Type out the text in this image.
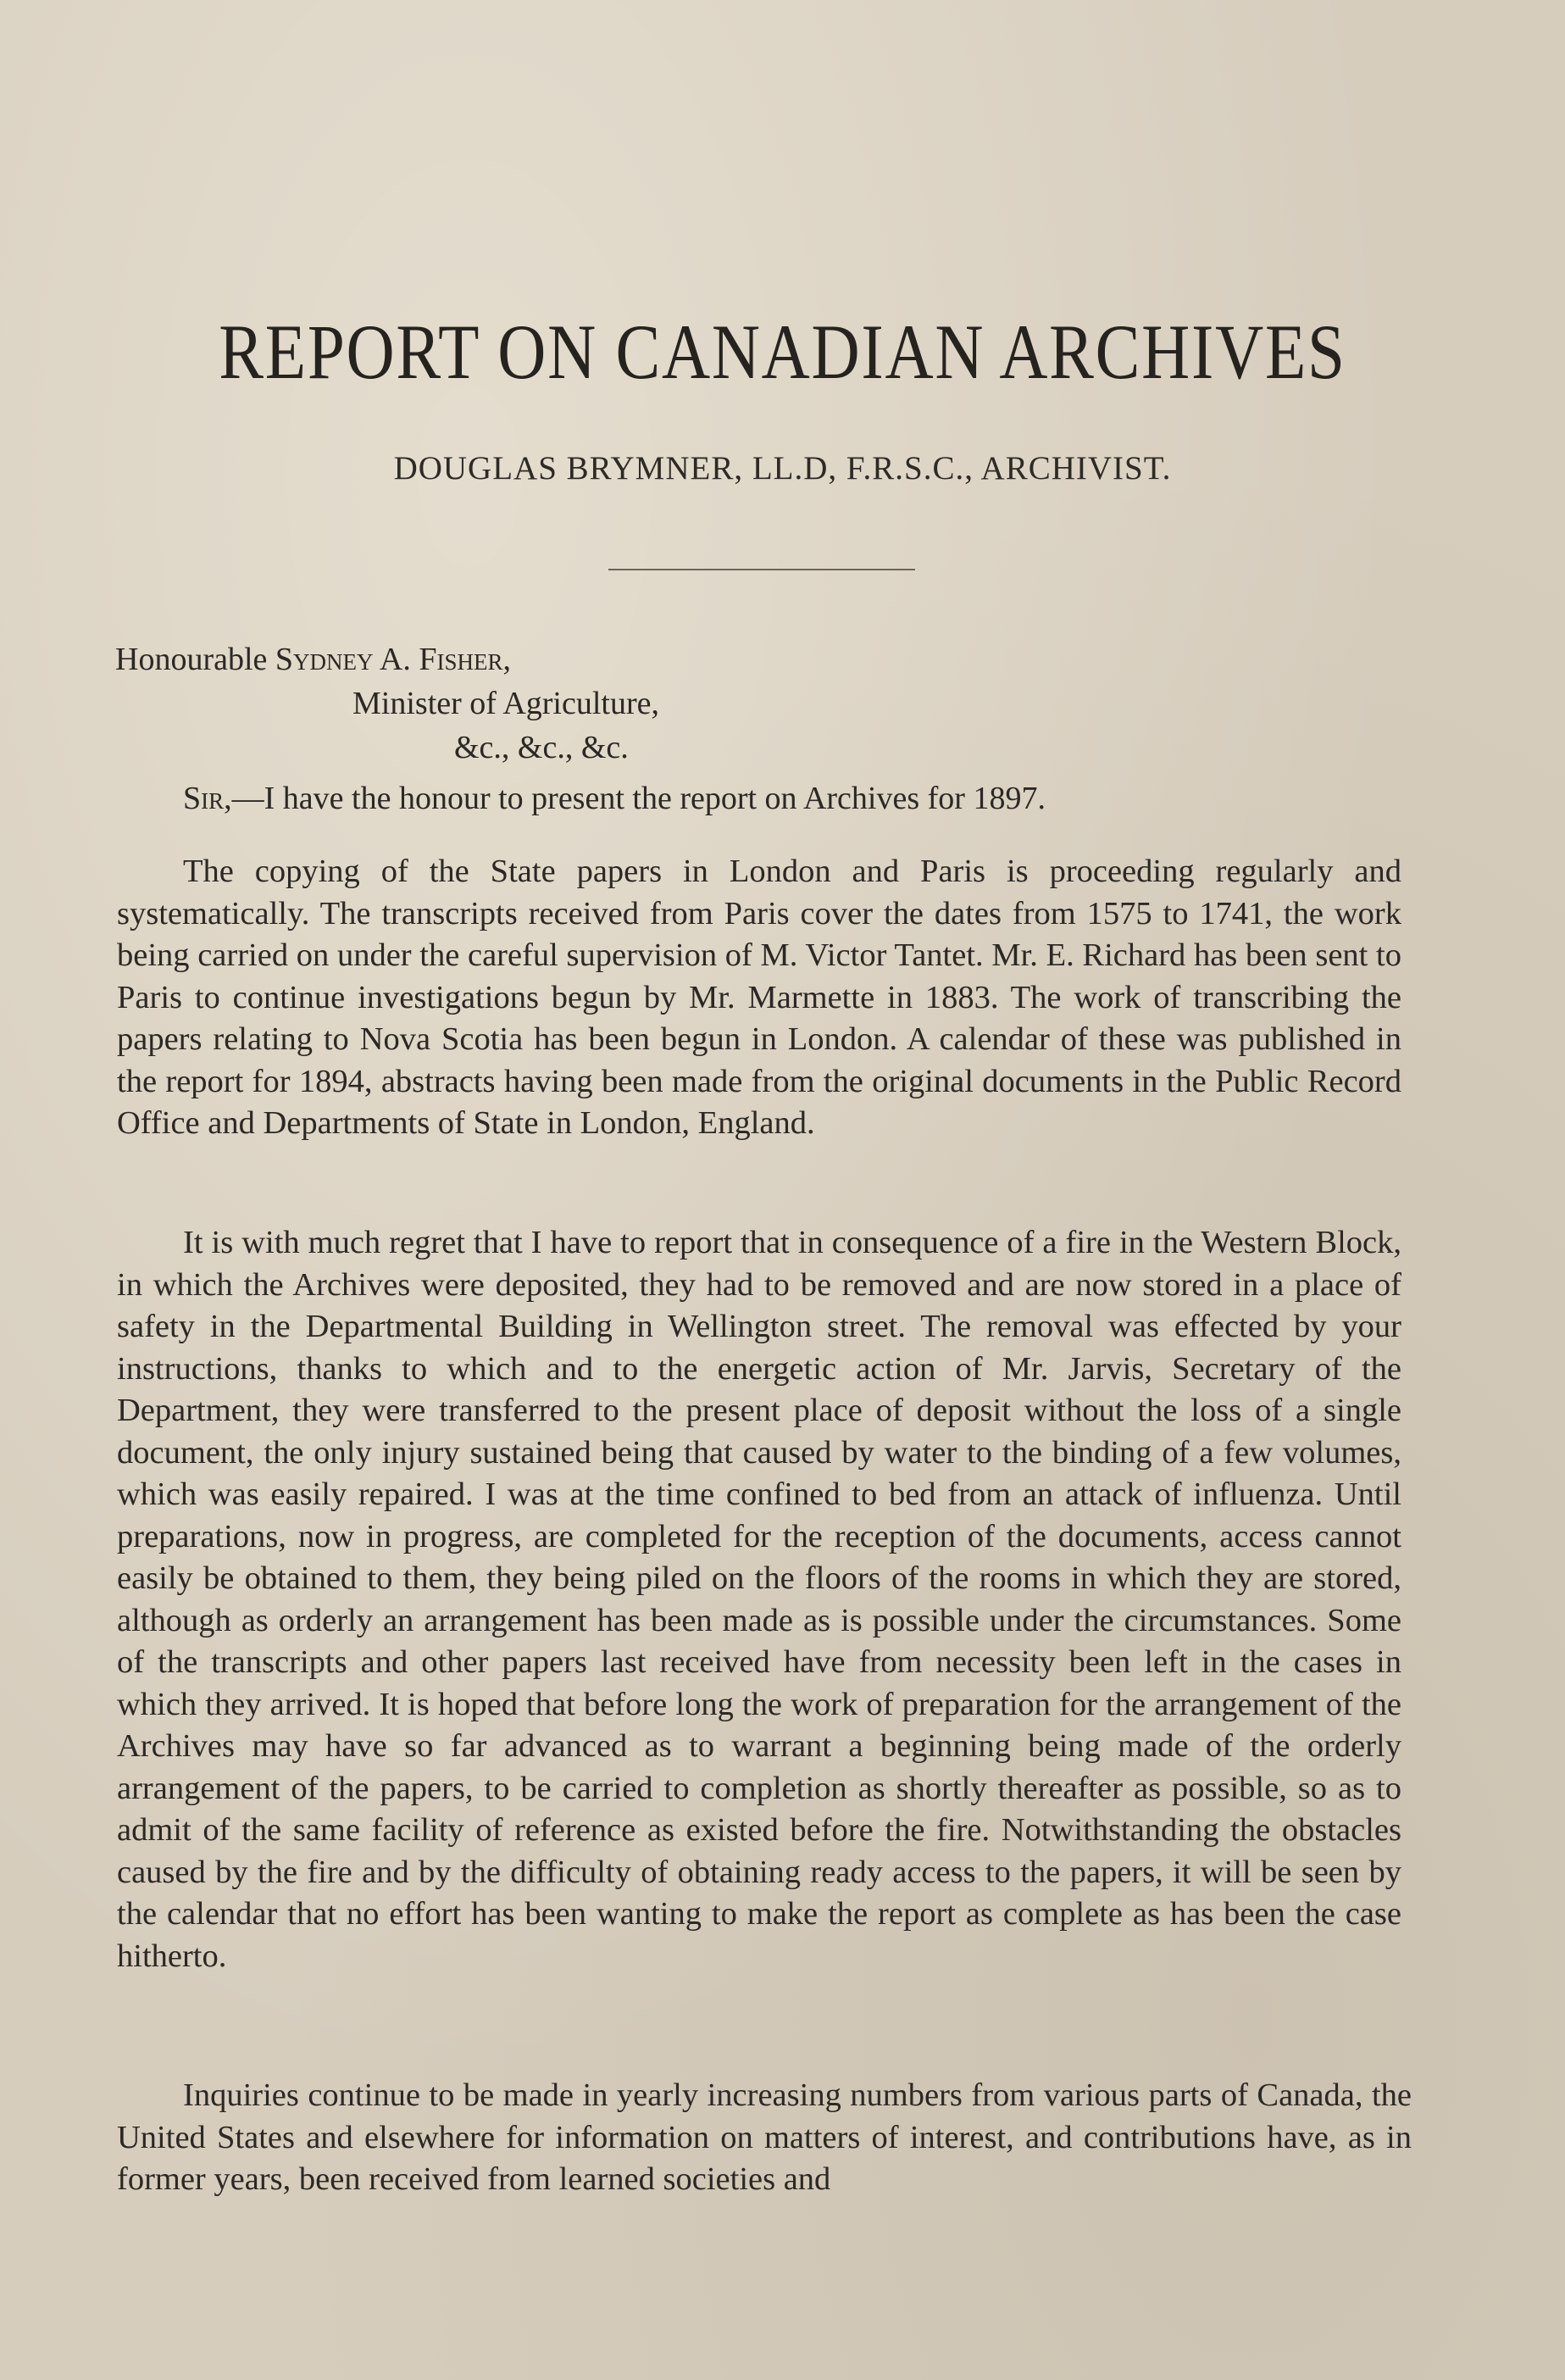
REPORT ON CANADIAN ARCHIVES

DOUGLAS BRYMNER, LL.D, F.R.S.C., ARCHIVIST.

Honourable Sydney A. Fisher,
Minister of Agriculture,
&c., &c., &c.
Sir,—I have the honour to present the report on Archives for 1897.

The copying of the State papers in London and Paris is proceeding regularly and systematically. The transcripts received from Paris cover the dates from 1575 to 1741, the work being carried on under the careful supervision of M. Victor Tantet. Mr. E. Richard has been sent to Paris to continue investigations begun by Mr. Marmette in 1883. The work of transcribing the papers relating to Nova Scotia has been begun in London. A calendar of these was published in the report for 1894, abstracts having been made from the original documents in the Public Record Office and Departments of State in London, England.

It is with much regret that I have to report that in consequence of a fire in the Western Block, in which the Archives were deposited, they had to be removed and are now stored in a place of safety in the Departmental Building in Wellington street. The removal was effected by your instructions, thanks to which and to the energetic action of Mr. Jarvis, Secretary of the Department, they were transferred to the present place of deposit without the loss of a single document, the only injury sustained being that caused by water to the binding of a few volumes, which was easily repaired. I was at the time confined to bed from an attack of influenza. Until preparations, now in progress, are completed for the reception of the documents, access cannot easily be obtained to them, they being piled on the floors of the rooms in which they are stored, although as orderly an arrangement has been made as is possible under the circumstances. Some of the transcripts and other papers last received have from necessity been left in the cases in which they arrived. It is hoped that before long the work of preparation for the arrangement of the Archives may have so far advanced as to warrant a beginning being made of the orderly arrangement of the papers, to be carried to completion as shortly thereafter as possible, so as to admit of the same facility of reference as existed before the fire. Notwithstanding the obstacles caused by the fire and by the difficulty of obtaining ready access to the papers, it will be seen by the calendar that no effort has been wanting to make the report as complete as has been the case hitherto.

Inquiries continue to be made in yearly increasing numbers from various parts of Canada, the United States and elsewhere for information on matters of interest, and contributions have, as in former years, been received from learned societies and
